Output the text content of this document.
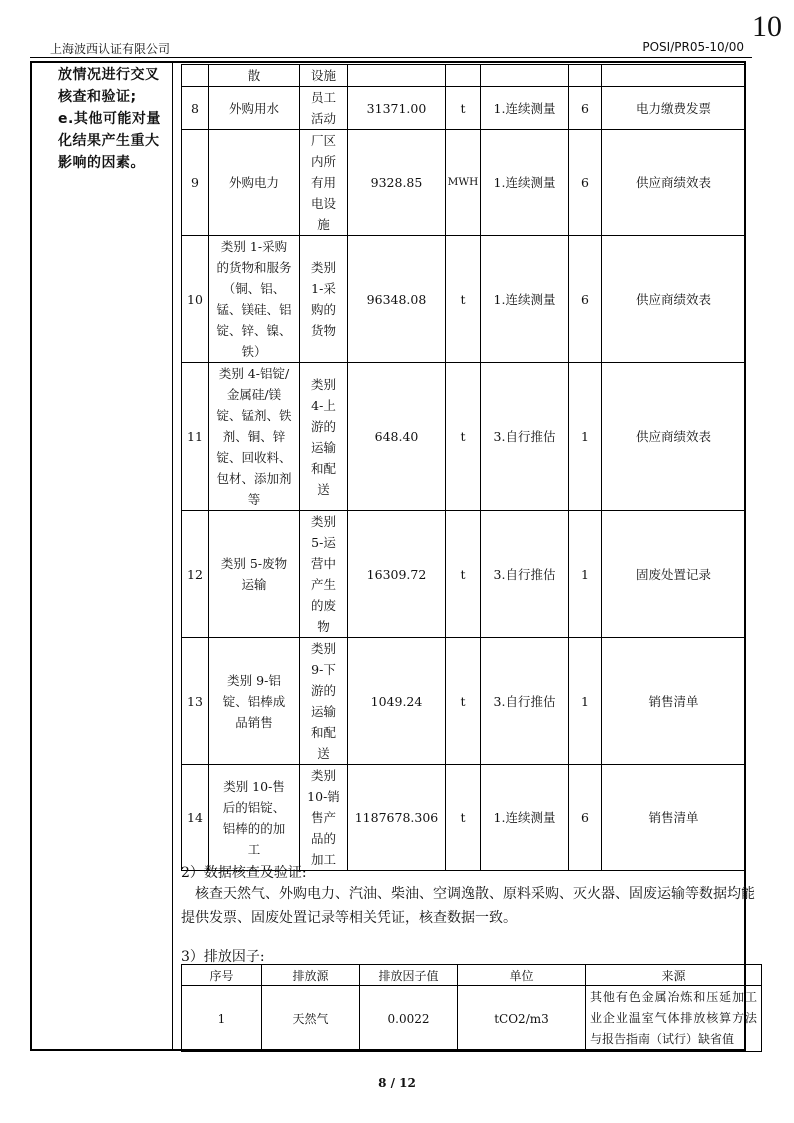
10
上海波西认证有限公司	POSI/PR05-10/00
放情况进行交叉
核查和验证;
e.其他可能对量
化结果产生重大
影响的因素。
	散	设施					
8	外购用水	员工活动	31371.00	t	1.连续测量	6	电力缴费发票
9	外购电力	厂区内所有用电设施	9328.85	MWH	1.连续测量	6	供应商绩效表
10	类别 1-采购的货物和服务（铜、铝、锰、镁硅、铝锭、锌、镍、铁）	类别1-采购的货物	96348.08	t	1.连续测量	6	供应商绩效表
11	类别 4-铝锭/金属硅/镁锭、锰剂、铁剂、铜、锌锭、回收料、包材、添加剂等	类别4-上游的运输和配送	648.40	t	3.自行推估	1	供应商绩效表
12	类别 5-废物运输	类别5-运营中产生的废物	16309.72	t	3.自行推估	1	固废处置记录
13	类别 9-铝锭、铝棒成品销售	类别9-下游的运输和配送	1049.24	t	3.自行推估	1	销售清单
14	类别 10-售后的铝锭、铝棒的的加工	类别10-销售产品的加工	1187678.306	t	1.连续测量	6	销售清单
2）数据核查及验证:
核查天然气、外购电力、汽油、柴油、空调逸散、原料采购、灭火器、固废运输等数据均能提供发票、固废处置记录等相关凭证，核查数据一致。
3）排放因子:
序号	排放源	排放因子值	单位	来源
1	天然气	0.0022	tCO2/m3	其他有色金属冶炼和压延加工业企业温室气体排放核算方法与报告指南（试行）缺省值
8 / 12
